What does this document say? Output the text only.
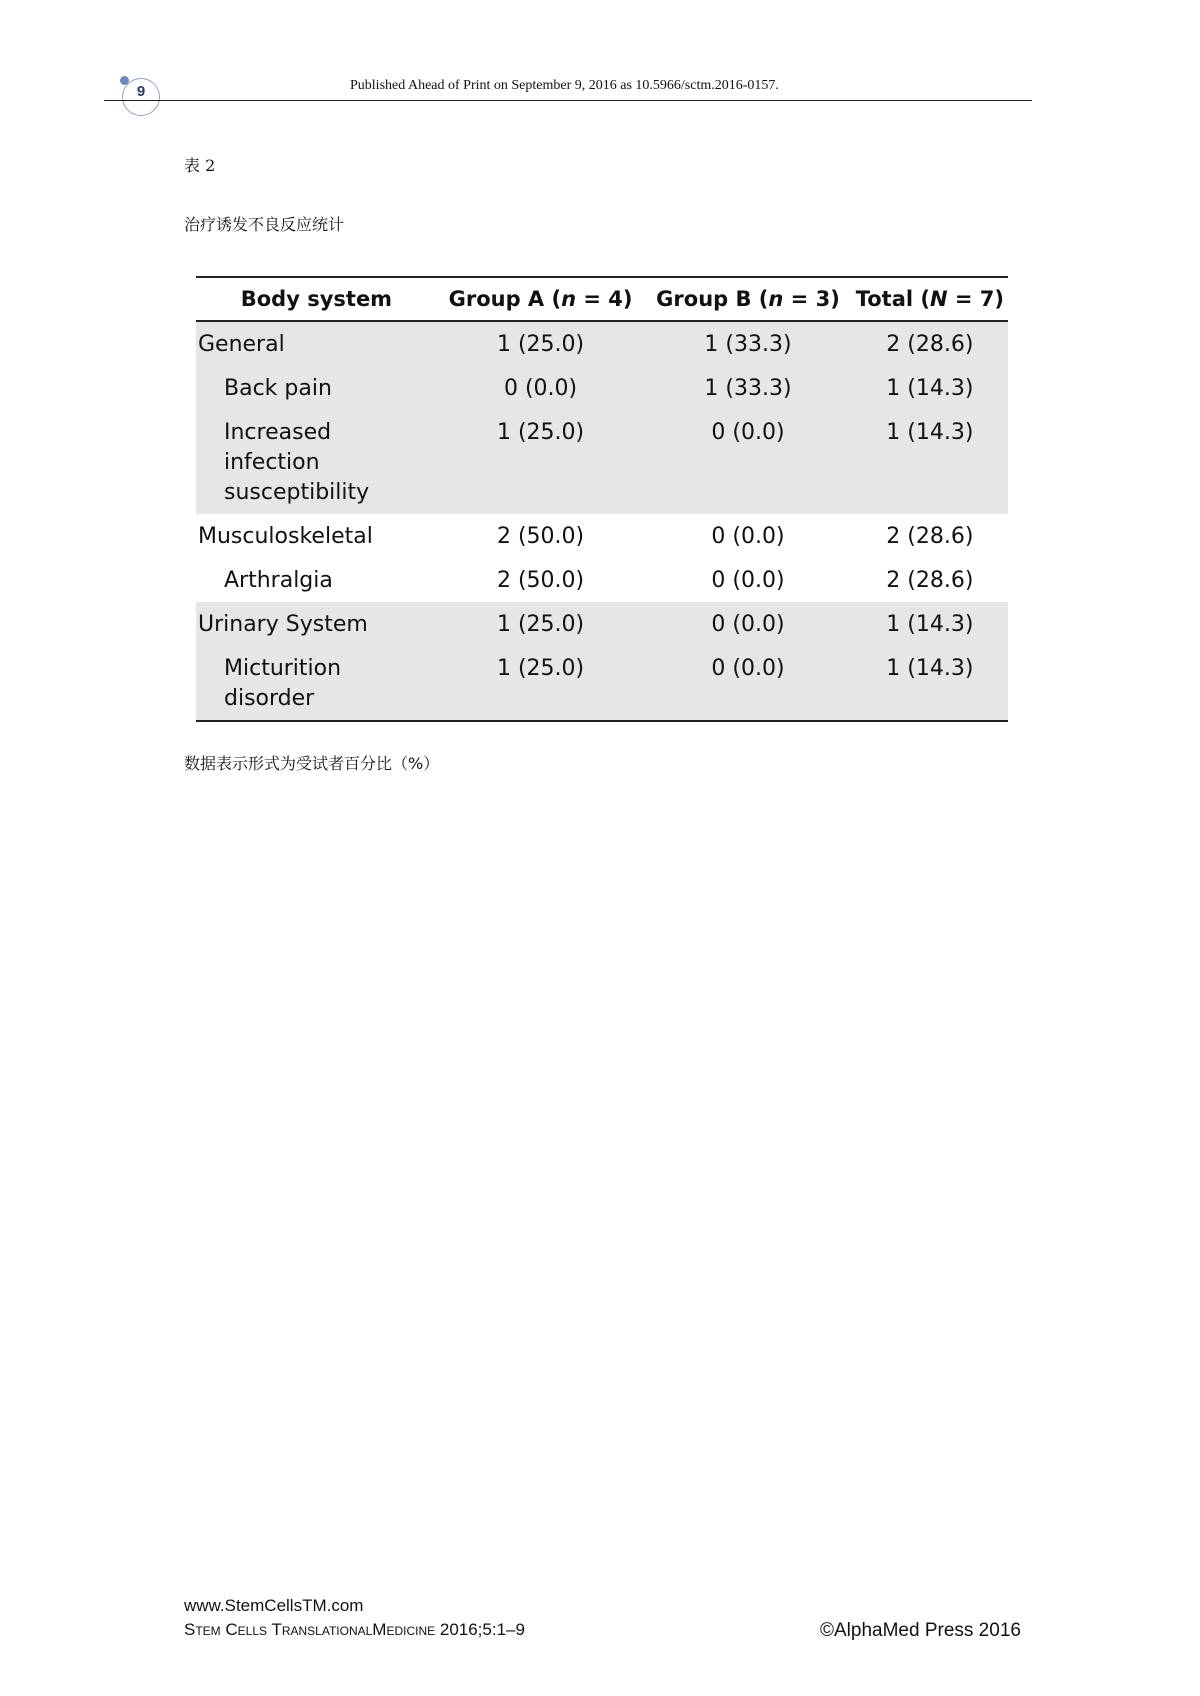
9	Published Ahead of Print on September 9, 2016 as 10.5966/sctm.2016-0157.
表 2
治疗诱发不良反应统计
Body system	Group A (n = 4)	Group B (n = 3)	Total (N = 7)
General	1 (25.0)	1 (33.3)	2 (28.6)
Back pain	0 (0.0)	1 (33.3)	1 (14.3)
Increased infection susceptibility	1 (25.0)	0 (0.0)	1 (14.3)
Musculoskeletal	2 (50.0)	0 (0.0)	2 (28.6)
Arthralgia	2 (50.0)	0 (0.0)	2 (28.6)
Urinary System	1 (25.0)	0 (0.0)	1 (14.3)
Micturition disorder	1 (25.0)	0 (0.0)	1 (14.3)
数据表示形式为受试者百分比（%）
www.StemCellsTM.com
Stem Cells TranslationalMedicine 2016;5:1–9	©AlphaMed Press 2016
